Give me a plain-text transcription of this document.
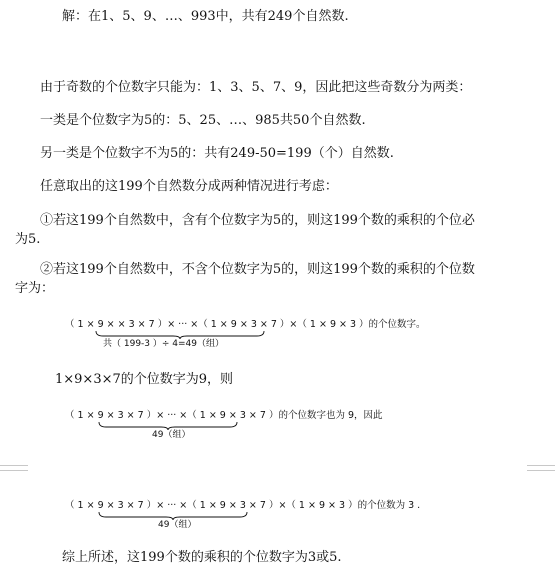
解：在1、5、9、…、993中，共有249个自然数.
由于奇数的个位数字只能为：1、3、5、7、9，因此把这些奇数分为两类：
一类是个位数字为5的：5、25、…、985共50个自然数.
另一类是个位数字不为5的：共有249-50=199（个）自然数.
任意取出的这199个自然数分成两种情况进行考虑：
①若这199个自然数中，含有个位数字为5的，则这199个数的乘积的个位必
为5.
②若这199个自然数中，不含个位数字为5的，则这199个数的乘积的个位数
字为：
（ 1 × 9 × × 3 × 7 ）× ··· ×（ 1 × 9 × 3 × 7 ）×（ 1 × 9 × 3 ）的个位数字。
共（ 199-3 ）÷ 4=49（组）
1×9×3×7的个位数字为9，则
（ 1 × 9 × 3 × 7 ）× ··· ×（ 1 × 9 × 3 × 7 ）的个位数字也为 9，因此
49（组）
（ 1 × 9 × 3 × 7 ）× ··· ×（ 1 × 9 × 3 × 7 ）×（ 1 × 9 × 3 ）的个位数为 3 .
49（组）
综上所述，这199个数的乘积的个位数字为3或5.
